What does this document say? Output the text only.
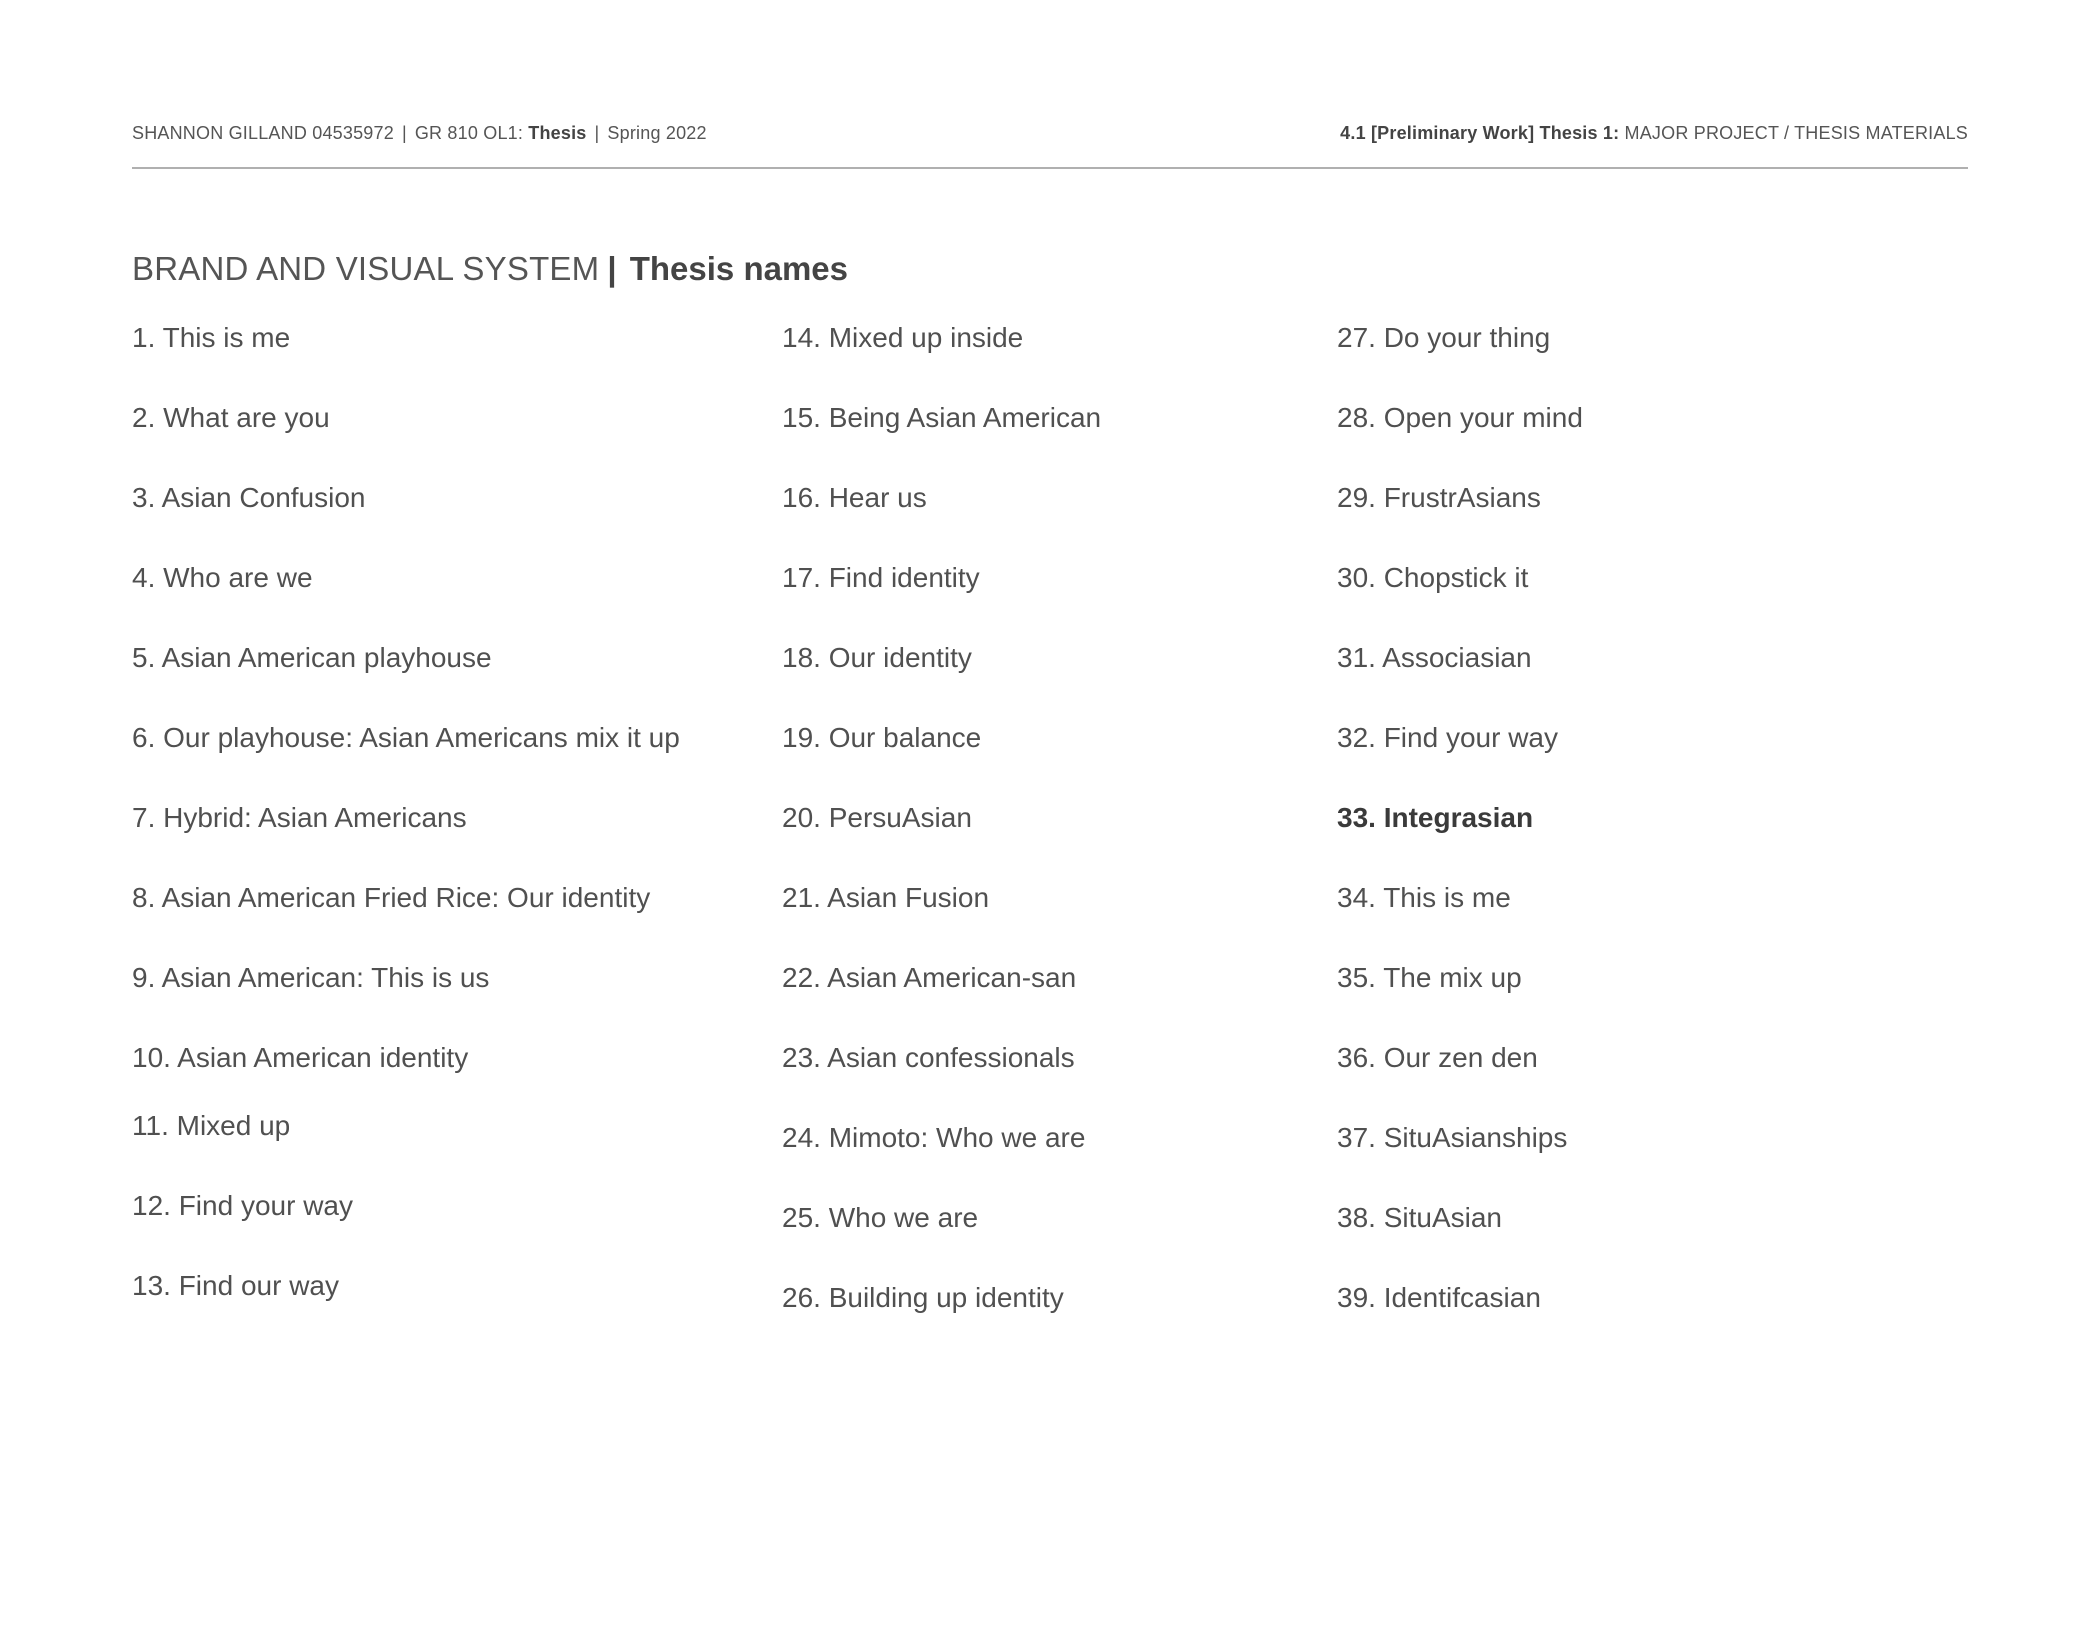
SHANNON GILLAND 04535972 | GR 810 OL1: Thesis | Spring 2022	4.1 [Preliminary Work] Thesis 1: MAJOR PROJECT / THESIS MATERIALS
BRAND AND VISUAL SYSTEM | Thesis names
1. This is me
2. What are you
3. Asian Confusion
4. Who are we
5. Asian American playhouse
6. Our playhouse: Asian Americans mix it up
7. Hybrid: Asian Americans
8. Asian American Fried Rice: Our identity
9. Asian American: This is us
10. Asian American identity
11. Mixed up
12. Find your way
13. Find our way
14. Mixed up inside
15. Being Asian American
16. Hear us
17. Find identity
18. Our identity
19. Our balance
20. PersuAsian
21. Asian Fusion
22. Asian American-san
23. Asian confessionals
24. Mimoto: Who we are
25. Who we are
26. Building up identity
27. Do your thing
28. Open your mind
29. FrustrAsians
30. Chopstick it
31. Associasian
32. Find your way
33. Integrasian
34. This is me
35. The mix up
36. Our zen den
37. SituAsianships
38. SituAsian
39. Identifcasian
